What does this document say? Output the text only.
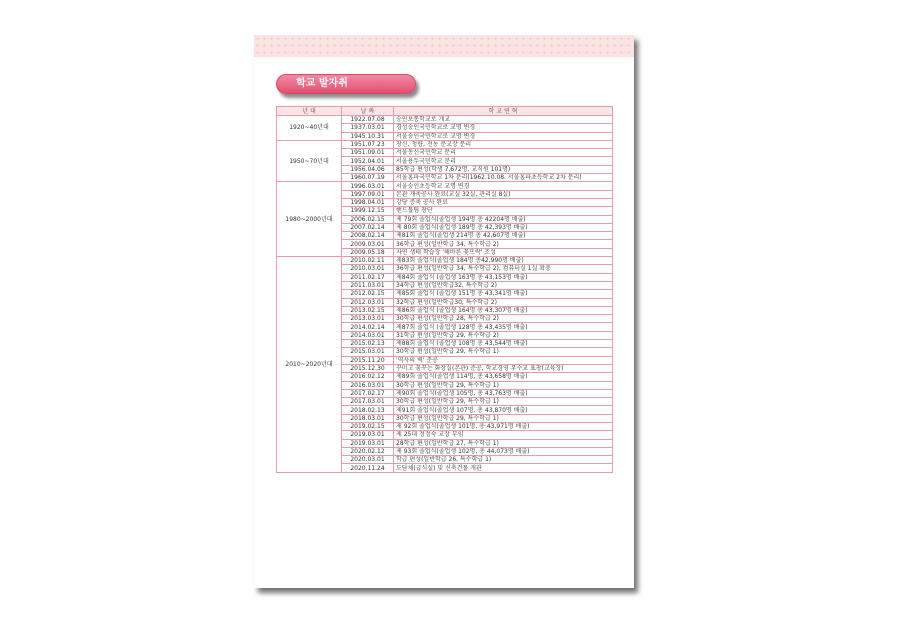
학교 발자취
년 대	날 짜	학 교 연 혁
1920~40년대	1922.07.08	숭인보통학교로 개교
	1937.03.01	경성숭인국민학교로 교명 변경
	1945.10.31	서울숭인국민학교로 교명 변경
1950~70년대	1951.07.23	창신, 청량, 전농 분교장 분리
	1951.09.01	서울동신국민학교 분리
	1952.04.01	서울용두국민학교 분리
	1956.04.06	85학급 편성(학생 7,672명, 교직원 101명)
	1960.07.19	서울홍파국민학교 1차 분리(1962.10.08. 서울홍파초등학교 2차 분리)
1980~2000년대	1996.03.01	서울숭인초등학교 교명 변경
	1997.09.01	본관 개축공사 완료(교실 32실, 관리실 8실)
	1998.04.01	강당 증축 공사 완료
	1999.12.15	핸드볼팀 창단
	2006.02.15	제 79회 졸업식(졸업생 194명 총 42204명 배출)
	2007.02.14	제 80회 졸업식(졸업생 189명 총 42,393명 배출)
	2008.02.14	제81회 졸업식(졸업생 214명 총 42,607명 배출)
	2009.03.01	36학급 편성(일반학급 34, 특수학급 2)
	2009.05.18	자연 생태 학습장 '해바른 꽃뜨락' 조성
2010~2020년대	2010.02.11	제83회 졸업식(졸업생 184명 총42,990명 배출)
	2010.03.01	36학급 편성(일반학급 34, 특수학급 2), 컴퓨터실 1실 확충
	2011.02.17	제84회 졸업식 (졸업생 163명 총 43,153명 배출)
	2011.03.01	34학급 편성(일반학급32, 특수학급 2)
	2012.02.15	제85회 졸업식 (졸업생 151명 총 43,341명 배출)
	2012.03.01	32학급 편성(일반학급30, 특수학급 2)
	2013.02.15	제86회 졸업식 (졸업생 164명 총 43,307명 배출)
	2013.03.01	30학급 편성(일반학급 28, 특수학급 2)
	2014.02.14	제87회 졸업식 (졸업생 128명 총 43,435명 배출)
	2014.03.01	31학급 편성(일반학급 29, 특수학급 2)
	2015.02.13	제88회 졸업식 (졸업생 108명 총 43,544명 배출)
	2015.03.01	30학급 편성(일반학급 29, 특수학급 1)
	2015.11.20	'역사의 벽' 준공
	2015.12.30	꾸미고 꿈꾸는 화장실(본관) 준공, 학교경영 우수교 표창(교육장)
	2016.02.12	제89회 졸업식(졸업생 114명, 총 43,658명 배출)
	2016.03.01	30학급 편성(일반학급 29, 특수학급 1)
	2017.02.17	제90회 졸업식(졸업생 105명, 총 43,763명 배출)
	2017.03.01	30학급 편성(일반학급 29, 특수학급 1)
	2018.02.13	제91회 졸업식(졸업생 107명, 총 43,870명 배출)
	2018.03.01	30학급 편성(일반학급 29, 특수학급 1)
	2019.02.15	제 92회 졸업식(졸업생 101명, 총 43,971명 배출)
	2019.03.01	제 25대 정정숙 교장 부임
	2019.03.01	28학급 편성(일반학급 27, 특수학급 1)
	2020.02.12	제 93회 졸업식(졸업생 102명, 총 44,073명 배출)
	2020.03.01	학급 편성(일반학급 26, 특수학급 1)
	2020.11.24	도담채(급식실) 및 신축건물 개관
